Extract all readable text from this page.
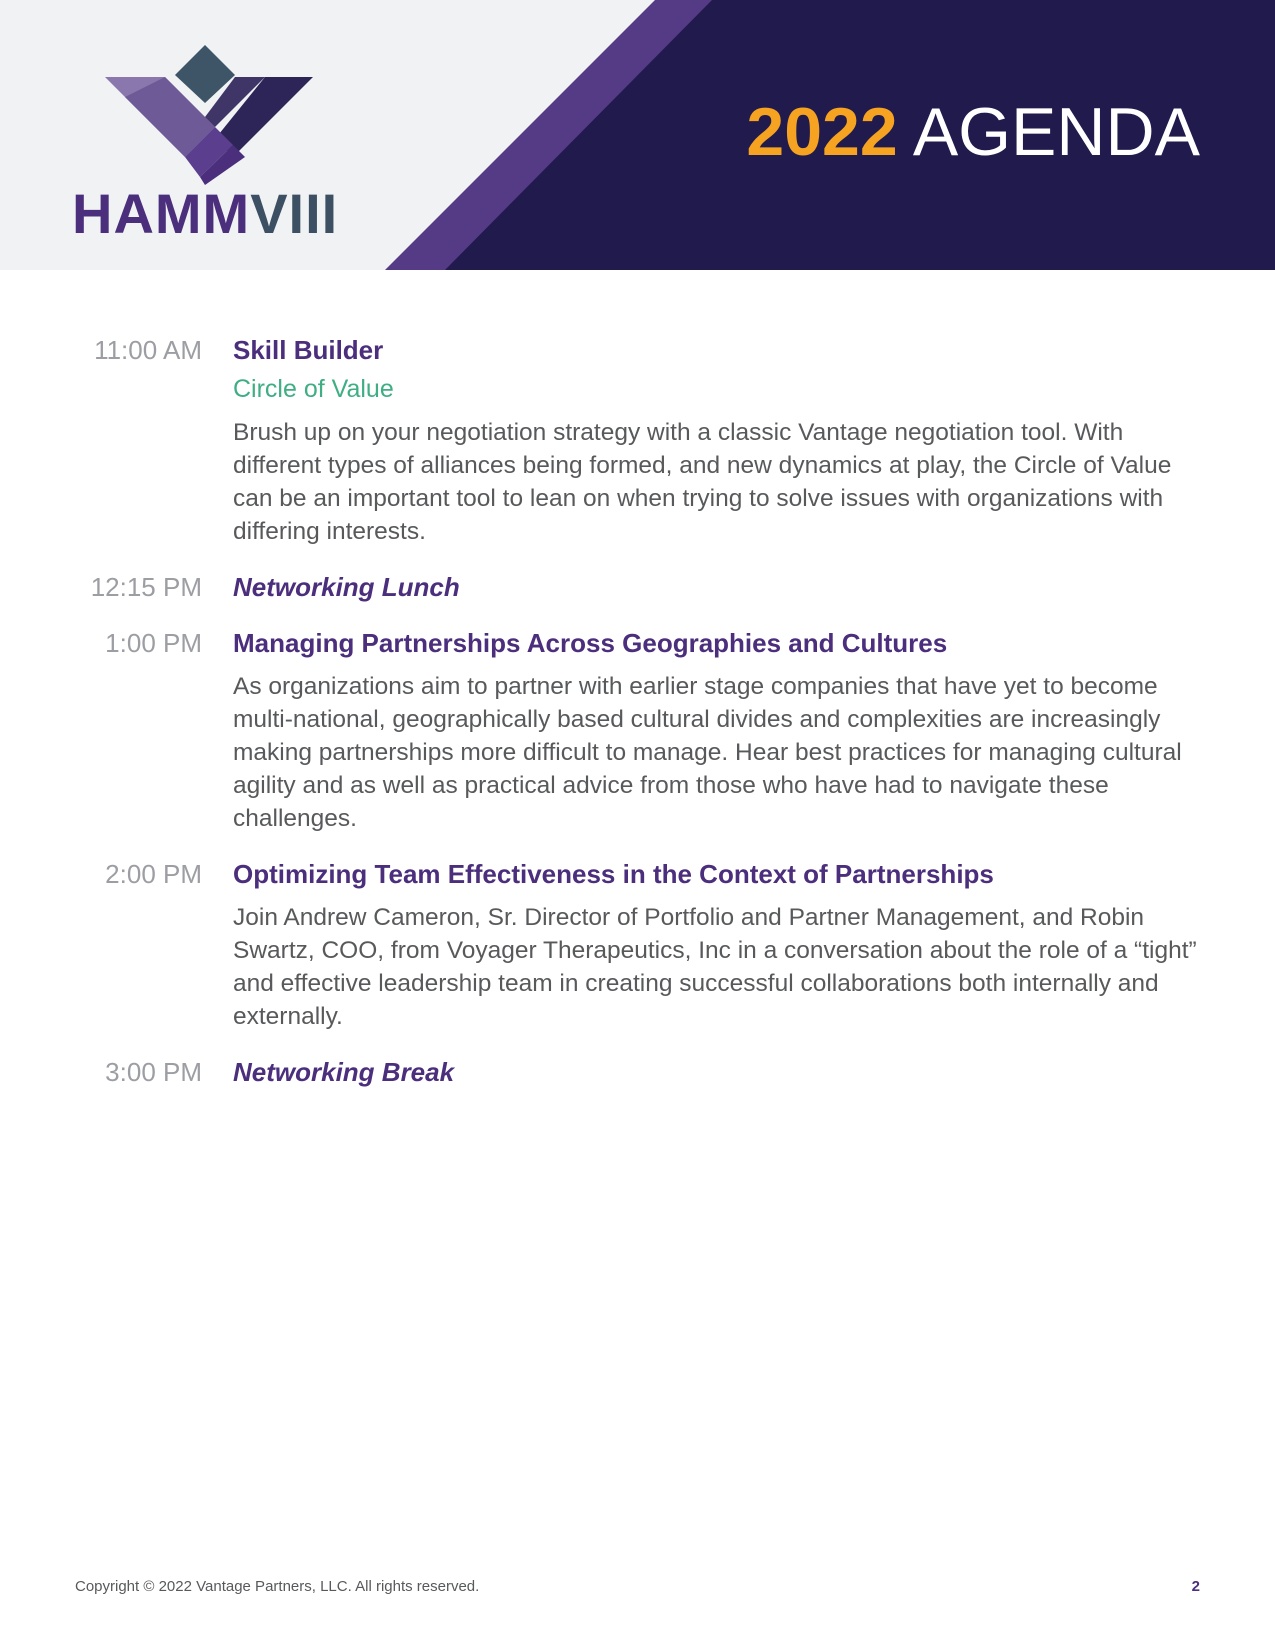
HAMMVIII
2022 AGENDA
11:00 AM Skill Builder
Circle of Value
Brush up on your negotiation strategy with a classic Vantage negotiation tool. With different types of alliances being formed, and new dynamics at play, the Circle of Value can be an important tool to lean on when trying to solve issues with organizations with differing interests.
12:15 PM Networking Lunch
1:00 PM Managing Partnerships Across Geographies and Cultures
As organizations aim to partner with earlier stage companies that have yet to become multi-national, geographically based cultural divides and complexities are increasingly making partnerships more difficult to manage. Hear best practices for managing cultural agility and as well as practical advice from those who have had to navigate these challenges.
2:00 PM Optimizing Team Effectiveness in the Context of Partnerships
Join Andrew Cameron, Sr. Director of Portfolio and Partner Management, and Robin Swartz, COO, from Voyager Therapeutics, Inc in a conversation about the role of a “tight” and effective leadership team in creating successful collaborations both internally and externally.
3:00 PM Networking Break
Copyright © 2022 Vantage Partners, LLC. All rights reserved.	2
